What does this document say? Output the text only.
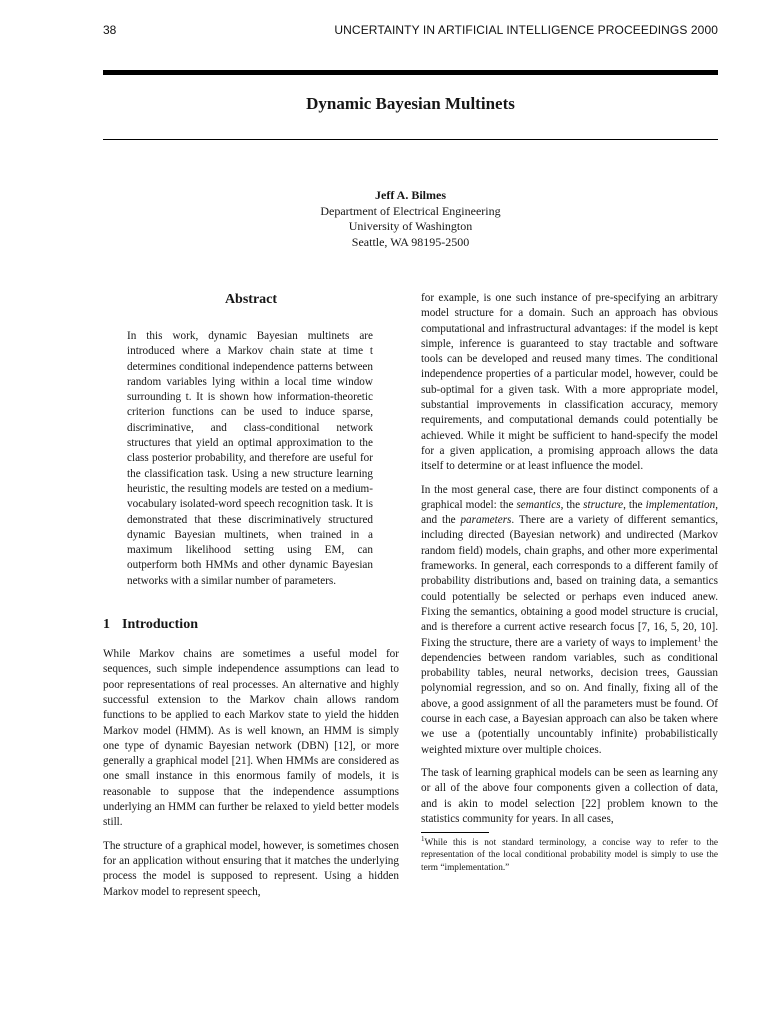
38	UNCERTAINTY IN ARTIFICIAL INTELLIGENCE PROCEEDINGS 2000
Dynamic Bayesian Multinets
Jeff A. Bilmes
Department of Electrical Engineering
University of Washington
Seattle, WA 98195-2500
Abstract

In this work, dynamic Bayesian multinets are introduced where a Markov chain state at time t determines conditional independence patterns between random variables lying within a local time window surrounding t. It is shown how information-theoretic criterion functions can be used to induce sparse, discriminative, and class-conditional network structures that yield an optimal approximation to the class posterior probability, and therefore are useful for the classification task. Using a new structure learning heuristic, the resulting models are tested on a medium-vocabulary isolated-word speech recognition task. It is demonstrated that these discriminatively structured dynamic Bayesian multinets, when trained in a maximum likelihood setting using EM, can outperform both HMMs and other dynamic Bayesian networks with a similar number of parameters.

1 Introduction

While Markov chains are sometimes a useful model for sequences, such simple independence assumptions can lead to poor representations of real processes. An alternative and highly successful extension to the Markov chain allows random functions to be applied to each Markov state to yield the hidden Markov model (HMM). As is well known, an HMM is simply one type of dynamic Bayesian network (DBN) [12], or more generally a graphical model [21]. When HMMs are considered as one small instance in this enormous family of models, it is reasonable to suppose that the independence assumptions underlying an HMM can further be relaxed to yield better models still.

The structure of a graphical model, however, is sometimes chosen for an application without ensuring that it matches the underlying process the model is supposed to represent. Using a hidden Markov model to represent speech,

for example, is one such instance of pre-specifying an arbitrary model structure for a domain. Such an approach has obvious computational and infrastructural advantages: if the model is kept simple, inference is guaranteed to stay tractable and software tools can be developed and reused many times. The conditional independence properties of a particular model, however, could be sub-optimal for a given task. With a more appropriate model, substantial improvements in classification accuracy, memory requirements, and computational demands could potentially be achieved. While it might be sufficient to hand-specify the model for a given application, a promising approach allows the data itself to determine or at least influence the model.

In the most general case, there are four distinct components of a graphical model: the semantics, the structure, the implementation, and the parameters. There are a variety of different semantics, including directed (Bayesian network) and undirected (Markov random field) models, chain graphs, and other more experimental frameworks. In general, each corresponds to a different family of probability distributions and, based on training data, a semantics could potentially be selected or perhaps even induced anew. Fixing the semantics, obtaining a good model structure is crucial, and is therefore a current active research focus [7, 16, 5, 20, 10]. Fixing the structure, there are a variety of ways to implement$^1$ the dependencies between random variables, such as conditional probability tables, neural networks, decision trees, Gaussian polynomial regression, and so on. And finally, fixing all of the above, a good assignment of all the parameters must be found. Of course in each case, a Bayesian approach can also be taken where we use a (potentially uncountably infinite) probabilistically weighted mixture over multiple choices.

The task of learning graphical models can be seen as learning any or all of the above four components given a collection of data, and is akin to model selection [22] problem known to the statistics community for years. In all cases,

$^1$While this is not standard terminology, a concise way to refer to the representation of the local conditional probability model is simply to use the term “implementation.”
